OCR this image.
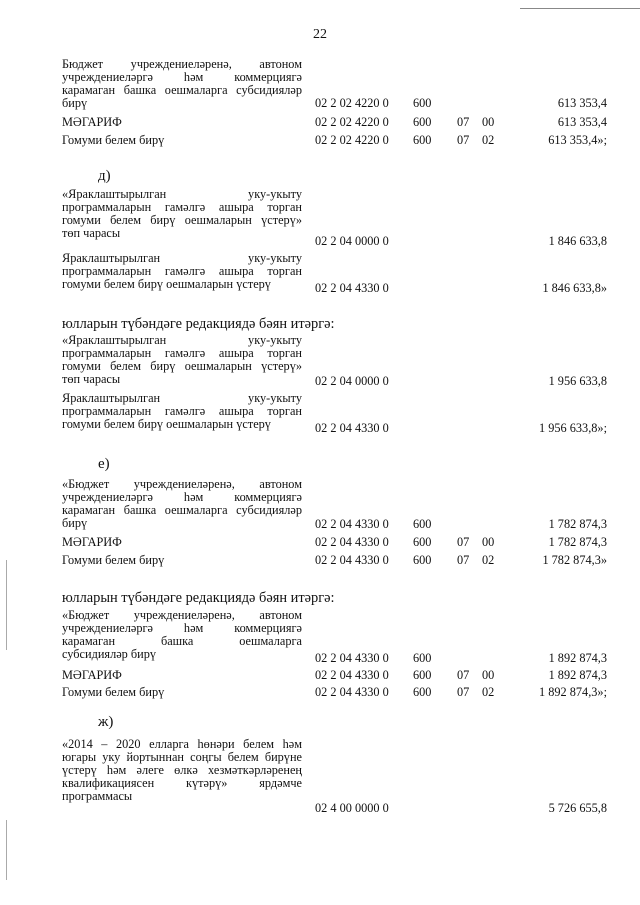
22
Бюджет учреждениеләренә, автоном
учреждениеләргә һәм коммерциягә
карамаган башка оешмаларга субсидияләр
бирү	02 2 02 4220 0 600	613 353,4
МӘГАРИФ	02 2 02 4220 0 600 07 00	613 353,4
Гомуми белем бирү	02 2 02 4220 0 600 07 02	613 353,4»;
д)
«Яраклаштырылган уку-укыту
программаларын гамәлгә ашыра торган
гомуми белем бирү оешмаларын үстерү»
төп чарасы
02 2 04 0000 0	1 846 633,8
Яраклаштырылган уку-укыту
программаларын гамәлгә ашыра торган
гомуми белем бирү оешмаларын үстерү	02 2 04 4330 0	1 846 633,8»
юлларын түбәндәге редакциядә бәян итәргә:
«Яраклаштырылган уку-укыту
программаларын гамәлгә ашыра торган
гомуми белем бирү оешмаларын үстерү»
төп чарасы	02 2 04 0000 0	1 956 633,8
Яраклаштырылган уку-укыту
программаларын гамәлгә ашыра торган
гомуми белем бирү оешмаларын үстерү	02 2 04 4330 0	1 956 633,8»;
е)
«Бюджет учреждениеләренә, автоном
учреждениеләргә һәм коммерциягә
карамаган башка оешмаларга субсидияләр
бирү	02 2 04 4330 0 600	1 782 874,3
МӘГАРИФ	02 2 04 4330 0 600 07 00	1 782 874,3
Гомуми белем бирү	02 2 04 4330 0 600 07 02	1 782 874,3»
юлларын түбәндәге редакциядә бәян итәргә:
«Бюджет учреждениеләренә, автоном
учреждениеләргә һәм коммерциягә
карамаган башка оешмаларга
субсидияләр бирү	02 2 04 4330 0 600	1 892 874,3
МӘГАРИФ	02 2 04 4330 0 600 07 00	1 892 874,3
Гомуми белем бирү	02 2 04 4330 0 600 07 02	1 892 874,3»;
ж)
«2014 – 2020 елларга һөнәри белем һәм
югары уку йортыннан соңгы белем бирүне
үстерү һәм әлеге өлкә хезмәткәрләренең
квалификациясен күтәрү» ярдәмче
программасы
02 4 00 0000 0	5 726 655,8
